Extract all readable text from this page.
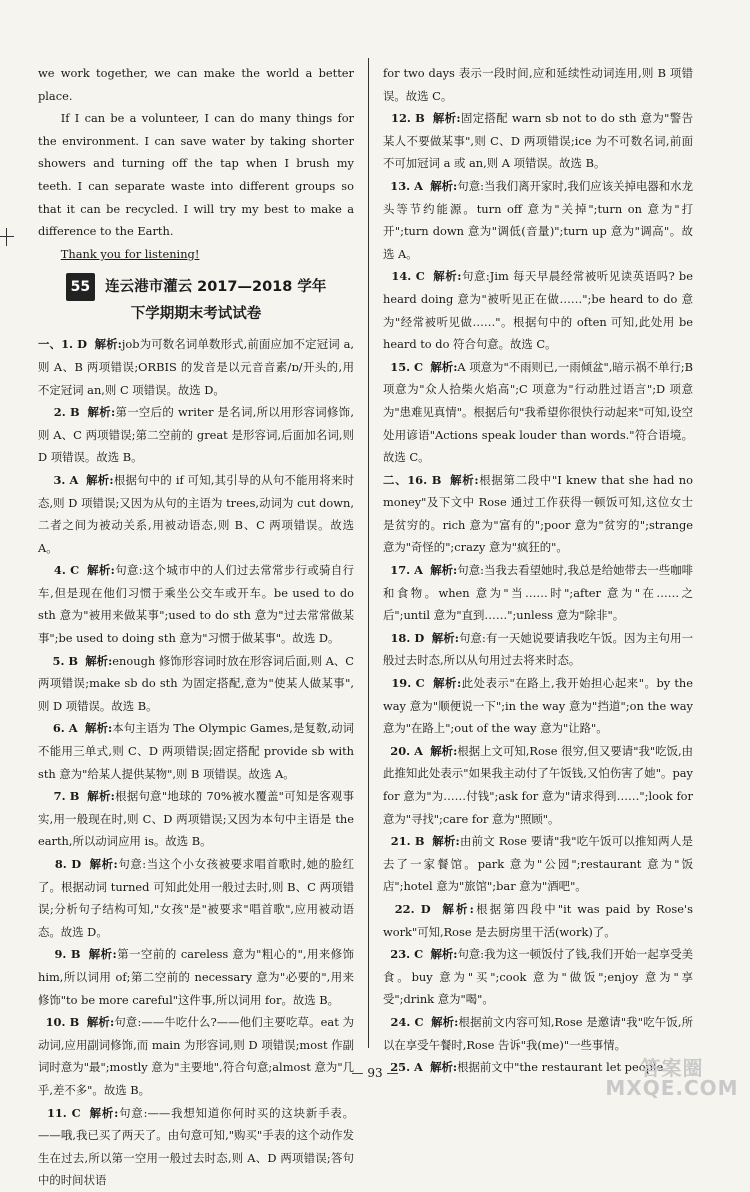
we work together, we can make the world a better place.

If I can be a volunteer, I can do many things for the environment. I can save water by taking shorter showers and turning off the tap when I brush my teeth. I can separate waste into different groups so that it can be recycled. I will try my best to make a difference to the Earth.

Thank you for listening!

55 连云港市灌云 2017—2018 学年
下学期期末考试试卷

一、1. D 解析:job为可数名词单数形式,前面应加不定冠词 a,则 A、B 两项错误;ORBIS 的发音是以元音音素/ɒ/开头的,用不定冠词 an,则 C 项错误。故选 D。

2. B 解析:第一空后的 writer 是名词,所以用形容词修饰,则 A、C 两项错误;第二空前的 great 是形容词,后面加名词,则 D 项错误。故选 B。

3. A 解析:根据句中的 if 可知,其引导的从句不能用将来时态,则 D 项错误;又因为从句的主语为 trees,动词为 cut down,二者之间为被动关系,用被动语态,则 B、C 两项错误。故选 A。

4. C 解析:句意:这个城市中的人们过去常常步行或骑自行车,但是现在他们习惯于乘坐公交车或开车。be used to do sth 意为"被用来做某事";used to do sth 意为"过去常常做某事";be used to doing sth 意为"习惯于做某事"。故选 D。

5. B 解析:enough 修饰形容词时放在形容词后面,则 A、C 两项错误;make sb do sth 为固定搭配,意为"使某人做某事",则 D 项错误。故选 B。

6. A 解析:本句主语为 The Olympic Games,是复数,动词不能用三单式,则 C、D 两项错误;固定搭配 provide sb with sth 意为"给某人提供某物",则 B 项错误。故选 A。

7. B 解析:根据句意"地球的 70%被水覆盖"可知是客观事实,用一般现在时,则 C、D 两项错误;又因为本句中主语是 the earth,所以动词应用 is。故选 B。

8. D 解析:句意:当这个小女孩被要求唱首歌时,她的脸红了。根据动词 turned 可知此处用一般过去时,则 B、C 两项错误;分析句子结构可知,"女孩"是"被要求"唱首歌",应用被动语态。故选 D。

9. B 解析:第一空前的 careless 意为"粗心的",用来修饰 him,所以词用 of;第二空前的 necessary 意为"必要的",用来修饰"to be more careful"这件事,所以词用 for。故选 B。

10. B 解析:句意:——牛吃什么?——他们主要吃草。eat 为动词,应用副词修饰,而 main 为形容词,则 D 项错误;most 作副词时意为"最";mostly 意为"主要地",符合句意;almost 意为"几乎,差不多"。故选 B。

11. C 解析:句意:——我想知道你何时买的这块新手表。——哦,我已买了两天了。由句意可知,"购买"手表的这个动作发生在过去,所以第一空用一般过去时态,则 A、D 两项错误;答句中的时间状语

for two days 表示一段时间,应和延续性动词连用,则 B 项错误。故选 C。

12. B 解析:固定搭配 warn sb not to do sth 意为"警告某人不要做某事",则 C、D 两项错误;ice 为不可数名词,前面不可加冠词 a 或 an,则 A 项错误。故选 B。

13. A 解析:句意:当我们离开家时,我们应该关掉电器和水龙头等节约能源。turn off 意为"关掉";turn on 意为"打开";turn down 意为"调低(音量)";turn up 意为"调高"。故选 A。

14. C 解析:句意:Jim 每天早晨经常被听见读英语吗? be heard doing 意为"被听见正在做……";be heard to do 意为"经常被听见做……"。根据句中的 often 可知,此处用 be heard to do 符合句意。故选 C。

15. C 解析:A 项意为"不雨则已,一雨倾盆",暗示祸不单行;B 项意为"众人拾柴火焰高";C 项意为"行动胜过语言";D 项意为"患难见真情"。根据后句"我希望你很快行动起来"可知,设空处用谚语"Actions speak louder than words."符合语境。故选 C。

二、16. B 解析:根据第二段中"I knew that she had no money"及下文中 Rose 通过工作获得一顿饭可知,这位女士是贫穷的。rich 意为"富有的";poor 意为"贫穷的";strange 意为"奇怪的";crazy 意为"疯狂的"。

17. A 解析:句意:当我去看望她时,我总是给她带去一些咖啡和食物。when 意为"当……时";after 意为"在……之后";until 意为"直到……";unless 意为"除非"。

18. D 解析:句意:有一天她说要请我吃午饭。因为主句用一般过去时态,所以从句用过去将来时态。

19. C 解析:此处表示"在路上,我开始担心起来"。by the way 意为"顺便说一下";in the way 意为"挡道";on the way 意为"在路上";out of the way 意为"让路"。

20. A 解析:根据上文可知,Rose 很穷,但又要请"我"吃饭,由此推知此处表示"如果我主动付了午饭钱,又怕伤害了她"。pay for 意为"为……付钱";ask for 意为"请求得到……";look for 意为"寻找";care for 意为"照顾"。

21. B 解析:由前文 Rose 要请"我"吃午饭可以推知两人是去了一家餐馆。park 意为"公园";restaurant 意为"饭店";hotel 意为"旅馆";bar 意为"酒吧"。

22. D 解析:根据第四段中"it was paid by Rose's work"可知,Rose 是去厨房里干活(work)了。

23. C 解析:句意:我为这一顿饭付了钱,我们开始一起享受美食。buy 意为"买";cook 意为"做饭";enjoy 意为"享受";drink 意为"喝"。

24. C 解析:根据前文内容可知,Rose 是邀请"我"吃午饭,所以在享受午餐时,Rose 告诉"我(me)"一些事情。

25. A 解析:根据前文中"the restaurant let people

— 93 —	答案圈
MXQE.COM
